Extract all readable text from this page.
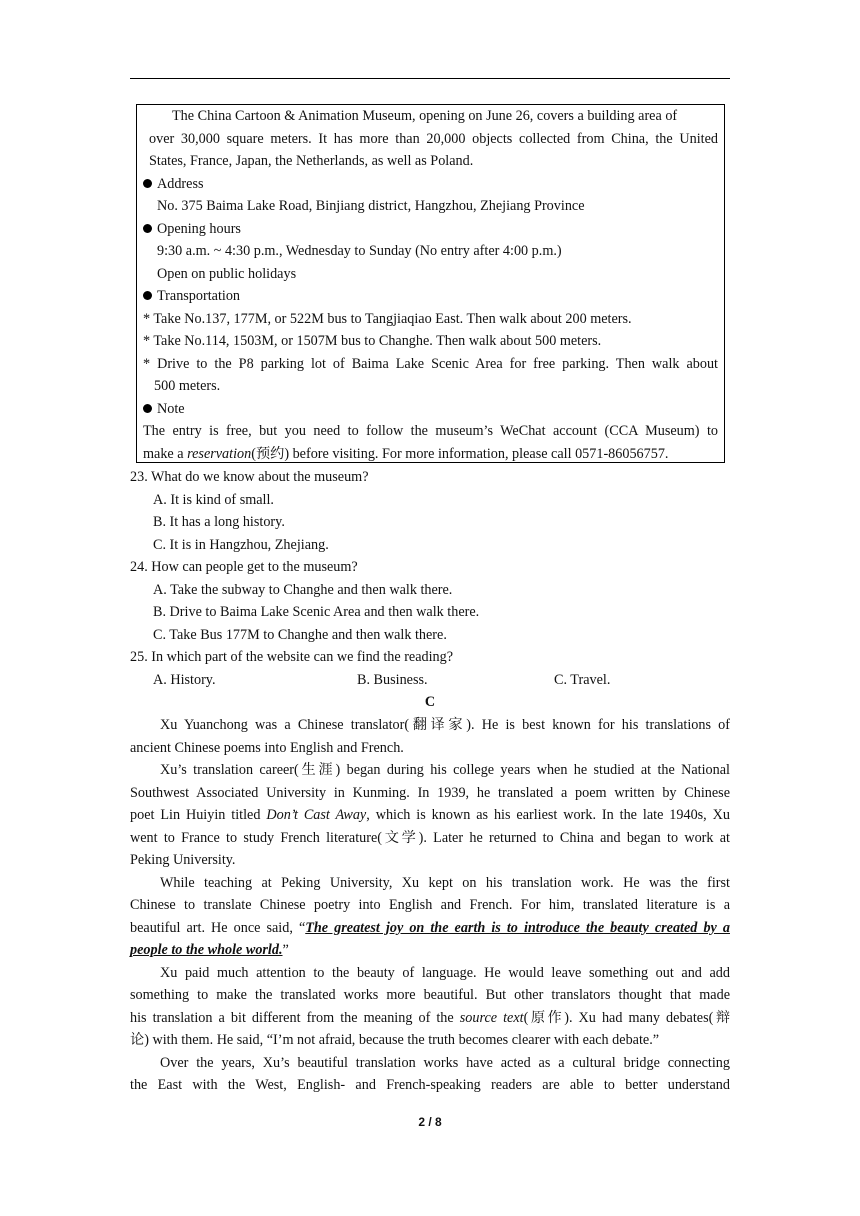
The China Cartoon & Animation Museum, opening on June 26, covers a building area of
over 30,000 square meters. It has more than 20,000 objects collected from China, the United
States, France, Japan, the Netherlands, as well as Poland.
Address
No. 375 Baima Lake Road, Binjiang district, Hangzhou, Zhejiang Province
Opening hours
9:30 a.m. ~ 4:30 p.m., Wednesday to Sunday (No entry after 4:00 p.m.)
Open on public holidays
Transportation
* Take No.137, 177M, or 522M bus to Tangjiaqiao East. Then walk about 200 meters.
* Take No.114, 1503M, or 1507M bus to Changhe. Then walk about 500 meters.
* Drive to the P8 parking lot of Baima Lake Scenic Area for free parking. Then walk about
500 meters.
Note
The entry is free, but you need to follow the museum’s WeChat account (CCA Museum) to
make a reservation(预约) before visiting. For more information, please call 0571-86056757.
23. What do we know about the museum?
A. It is kind of small.
B. It has a long history.
C. It is in Hangzhou, Zhejiang.
24. How can people get to the museum?
A. Take the subway to Changhe and then walk there.
B. Drive to Baima Lake Scenic Area and then walk there.
C. Take Bus 177M to Changhe and then walk there.
25. In which part of the website can we find the reading?
A. History.	B. Business.	C. Travel.
C
Xu Yuanchong was a Chinese translator(翻译家). He is best known for his translations of
ancient Chinese poems into English and French.
Xu’s translation career(生涯) began during his college years when he studied at the National
Southwest Associated University in Kunming. In 1939, he translated a poem written by Chinese
poet Lin Huiyin titled Don’t Cast Away, which is known as his earliest work. In the late 1940s, Xu
went to France to study French literature(文学). Later he returned to China and began to work at
Peking University.
While teaching at Peking University, Xu kept on his translation work. He was the first
Chinese to translate Chinese poetry into English and French. For him, translated literature is a
beautiful art. He once said, “The greatest joy on the earth is to introduce the beauty created by a
people to the whole world.”
Xu paid much attention to the beauty of language. He would leave something out and add
something to make the translated works more beautiful. But other translators thought that made
his translation a bit different from the meaning of the source text(原作). Xu had many debates(辩
论) with them. He said, “I’m not afraid, because the truth becomes clearer with each debate.”
Over the years, Xu’s beautiful translation works have acted as a cultural bridge connecting
the East with the West, English- and French-speaking readers are able to better understand
2 / 8
